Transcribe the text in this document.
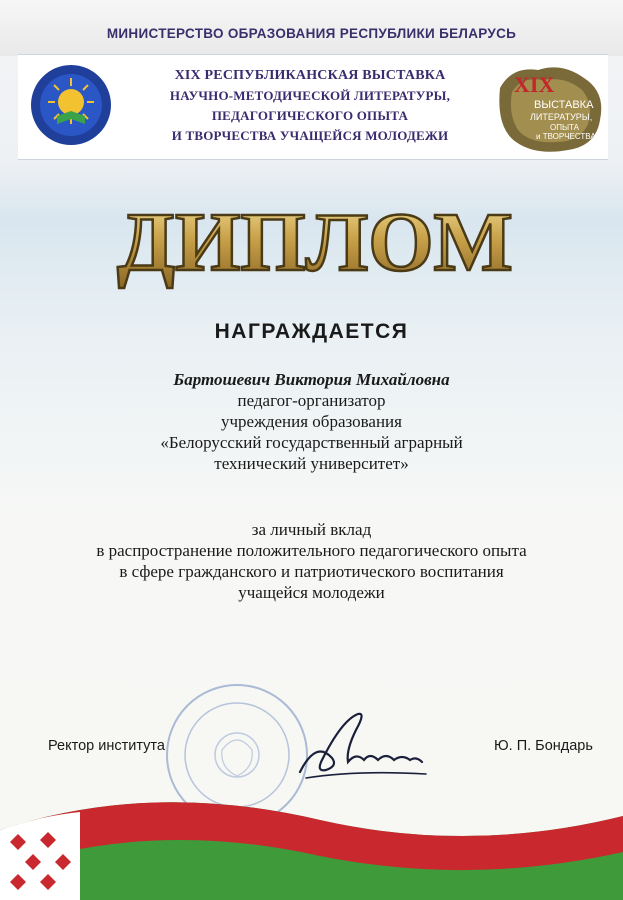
МИНИСТЕРСТВО ОБРАЗОВАНИЯ РЕСПУБЛИКИ БЕЛАРУСЬ
XIX РЕСПУБЛИКАНСКАЯ ВЫСТАВКА
НАУЧНО-МЕТОДИЧЕСКОЙ ЛИТЕРАТУРЫ,
ПЕДАГОГИЧЕСКОГО ОПЫТА
И ТВОРЧЕСТВА УЧАЩЕЙСЯ МОЛОДЕЖИ
XIX
ВЫСТАВКА
ЛИТЕРАТУРЫ,
ОПЫТА
и ТВОРЧЕСТВА
ДИПЛОМ
НАГРАЖДАЕТСЯ
Бартошевич Виктория Михайловна
педагог-организатор
учреждения образования
«Белорусский государственный аграрный
технический университет»
за личный вклад
в распространение положительного педагогического опыта
в сфере гражданского и патриотического воспитания
учащейся молодежи
Ректор института	Ю. П. Бондарь
